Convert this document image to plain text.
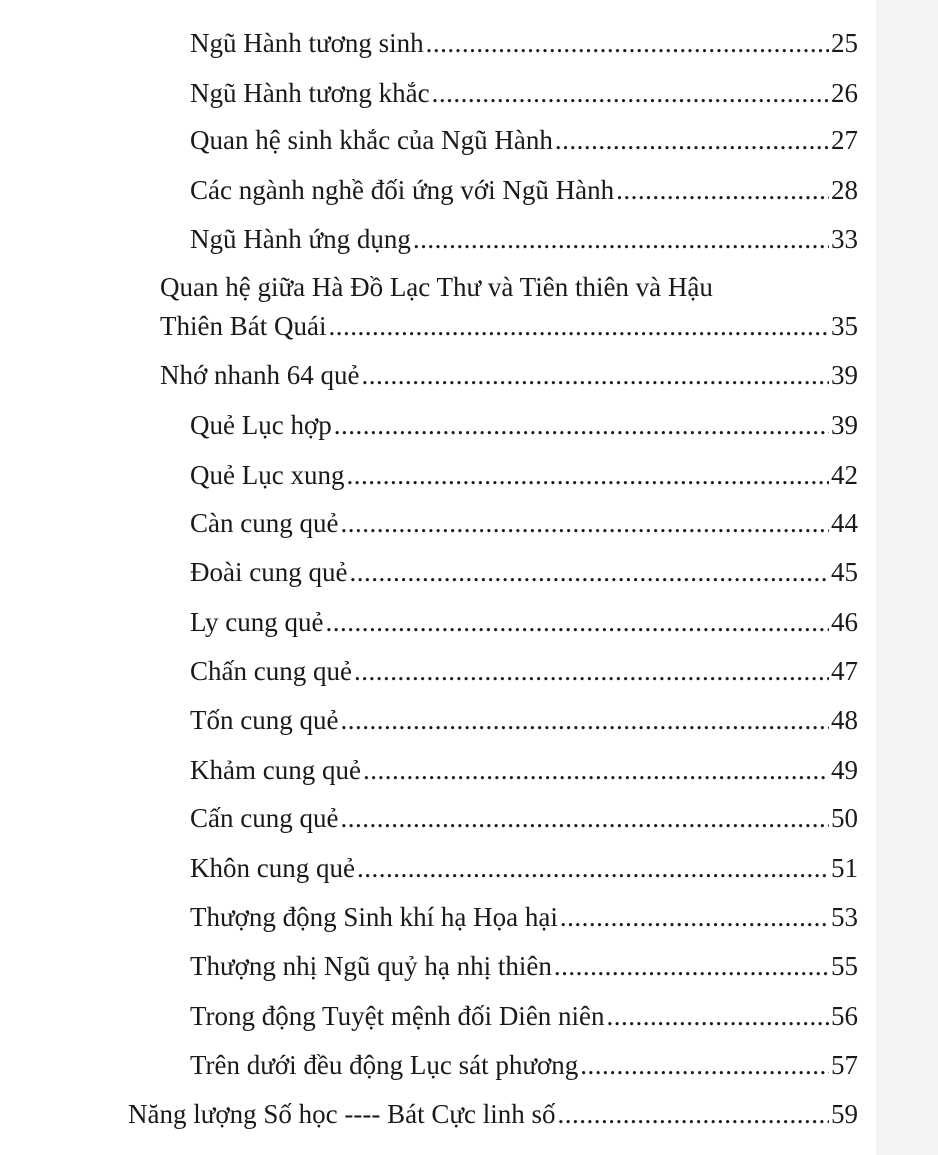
Ngũ Hành tương sinh .....	25
Ngũ Hành tương khắc .....	26
Quan hệ sinh khắc của Ngũ Hành .....	27
Các ngành nghề đối ứng với Ngũ Hành .....	28
Ngũ Hành ứng dụng .....	33
Quan hệ giữa Hà Đồ Lạc Thư và Tiên thiên và Hậu
Thiên Bát Quái .....	35
Nhớ nhanh 64 quẻ .....	39
Quẻ Lục hợp .....	39
Quẻ Lục xung .....	42
Càn cung quẻ .....	44
Đoài cung quẻ .....	45
Ly cung quẻ .....	46
Chấn cung quẻ .....	47
Tốn cung quẻ .....	48
Khảm cung quẻ .....	49
Cấn cung quẻ .....	50
Khôn cung quẻ .....	51
Thượng động Sinh khí hạ Họa hại .....	53
Thượng nhị Ngũ quỷ hạ nhị thiên .....	55
Trong động Tuyệt mệnh đối Diên niên .....	56
Trên dưới đều động Lục sát phương .....	57
Năng lượng Số học ---- Bát Cực linh số .....	59
